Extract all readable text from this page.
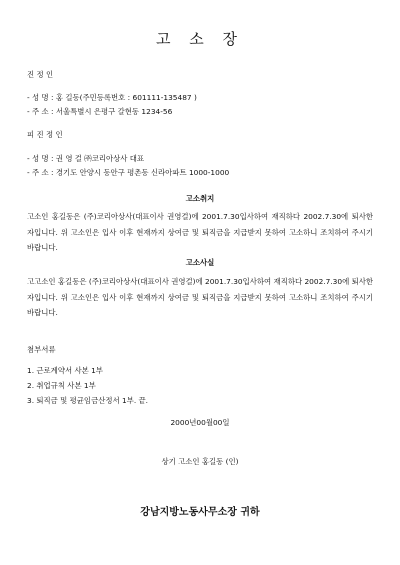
고 소 장
진 정 인
- 성 명 : 홍 길동(주민등록번호 : 601111-135487 )
- 주 소 : 서울특별시 은평구 갈현동 1234-56
피 진 정 인
- 성 명 : 권 영 걸 ㈜코리아상사 대표
- 주 소 : 경기도 안양시 동안구 평촌동 신라아파트 1000-1000
고소취지
고소인 홍길동은 (주)코리아상사(대표이사 권영걸)에 2001.7.30입사하여 재직하다 2002.7.30에 퇴사한 자입니다. 위 고소인은 입사 이후 현재까지 상여금 및 퇴직금을 지급받지 못하여 고소하니 조치하여 주시기 바랍니다.
고소사실
고고소인 홍길동은 (주)코리아상사(대표이사 권영걸)에 2001.7.30입사하여 재직하다 2002.7.30에 퇴사한 자입니다. 위 고소인은 입사 이후 현재까지 상여금 및 퇴직금을 지급받지 못하여 고소하니 조치하여 주시기 바랍니다.
첨부서류
1. 근로계약서 사본 1부
2. 취업규칙 사본 1부
3. 퇴직금 및 평균임금산정서 1부. 끝.
2000년00월00일
상기 고소인 홍길동 (인)
강남지방노동사무소장 귀하
